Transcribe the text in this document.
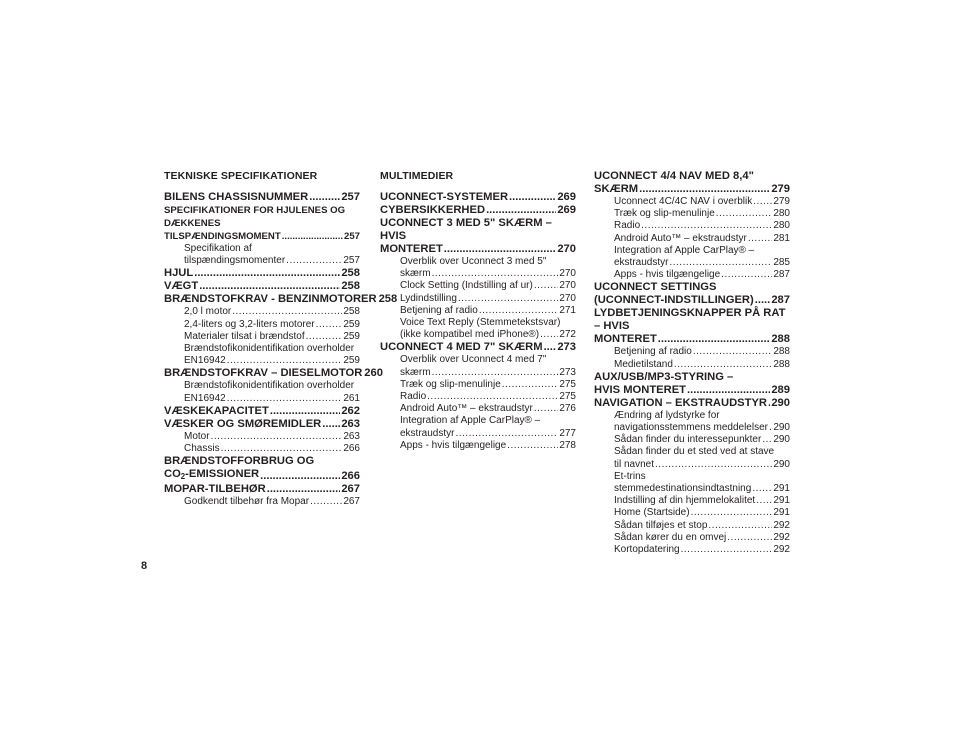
TEKNISKE SPECIFIKATIONER
BILENS CHASSISNUMMER .....	257
SPECIFIKATIONER FOR HJULENES OG DÆKKENES
TILSPÆNDINGSMOMENT .....	257
Specifikation af
tilspændingsmomenter .....	257
HJUL .....	258
VÆGT .....	258
BRÆNDSTOFKRAV - BENZINMOTORER 258
2,0 l motor .....	258
2,4-liters og 3,2-liters motorer .....	259
Materialer tilsat i brændstof .....	259
Brændstofikonidentifikation overholder
EN16942 .....	259
BRÆNDSTOFKRAV – DIESELMOTOR 260
Brændstofikonidentifikation overholder
EN16942 .....	261
VÆSKEKAPACITET .....	262
VÆSKER OG SMØREMIDLER ..... 263
Motor .....	263
Chassis .....	266
BRÆNDSTOFFORBRUG OG
$CO_2$-EMISSIONER .....	266
MOPAR-TILBEHØR .....	267
Godkendt tilbehør fra Mopar .....	267
MULTIMEDIER
UCONNECT-SYSTEMER .....	269
CYBERSIKKERHED .....	269
UCONNECT 3 MED 5" SKÆRM – HVIS
MONTERET .....	270
Overblik over Uconnect 3 med 5"
skærm .....	270
Clock Setting (Indstilling af ur) .....	270
Lydindstilling .....	270
Betjening af radio .....	271
Voice Text Reply (Stemmetekstsvar)
(ikke kompatibel med iPhone®) ..... 272
UCONNECT 4 MED 7" SKÆRM ..... 273
Overblik over Uconnect 4 med 7"
skærm .....	273
Træk og slip-menulinje .....	275
Radio .....	275
Android Auto™ – ekstraudstyr .....	276
Integration af Apple CarPlay® –
ekstraudstyr .....	277
Apps - hvis tilgængelige .....	278
UCONNECT 4/4 NAV MED 8,4"
SKÆRM .....	279
Uconnect 4C/4C NAV i overblik ..... 279
Træk og slip-menulinje .....	280
Radio .....	280
Android Auto™ – ekstraudstyr .....	281
Integration af Apple CarPlay® –
ekstraudstyr .....	285
Apps - hvis tilgængelige .....	287
UCONNECT SETTINGS
(UCONNECT-INDSTILLINGER) ..... 287
LYDBETJENINGSKNAPPER PÅ RAT – HVIS
MONTERET .....	288
Betjening af radio .....	288
Medietilstand .....	288
AUX/USB/MP3-STYRING –
HVIS MONTERET .....	289
NAVIGATION – EKSTRAUDSTYR ..... 290
Ændring af lydstyrke for
navigationsstemmens meddelelser ..... 290
Sådan finder du interessepunkter ..... 290
Sådan finder du et sted ved at stave
til navnet .....	290
Et-trins
stemmedestinationsindtastning ..... 291
Indstilling af din hjemmelokalitet ..... 291
Home (Startside) .....	291
Sådan tilføjes et stop .....	292
Sådan kører du en omvej .....	292
Kortopdatering .....	292
8
